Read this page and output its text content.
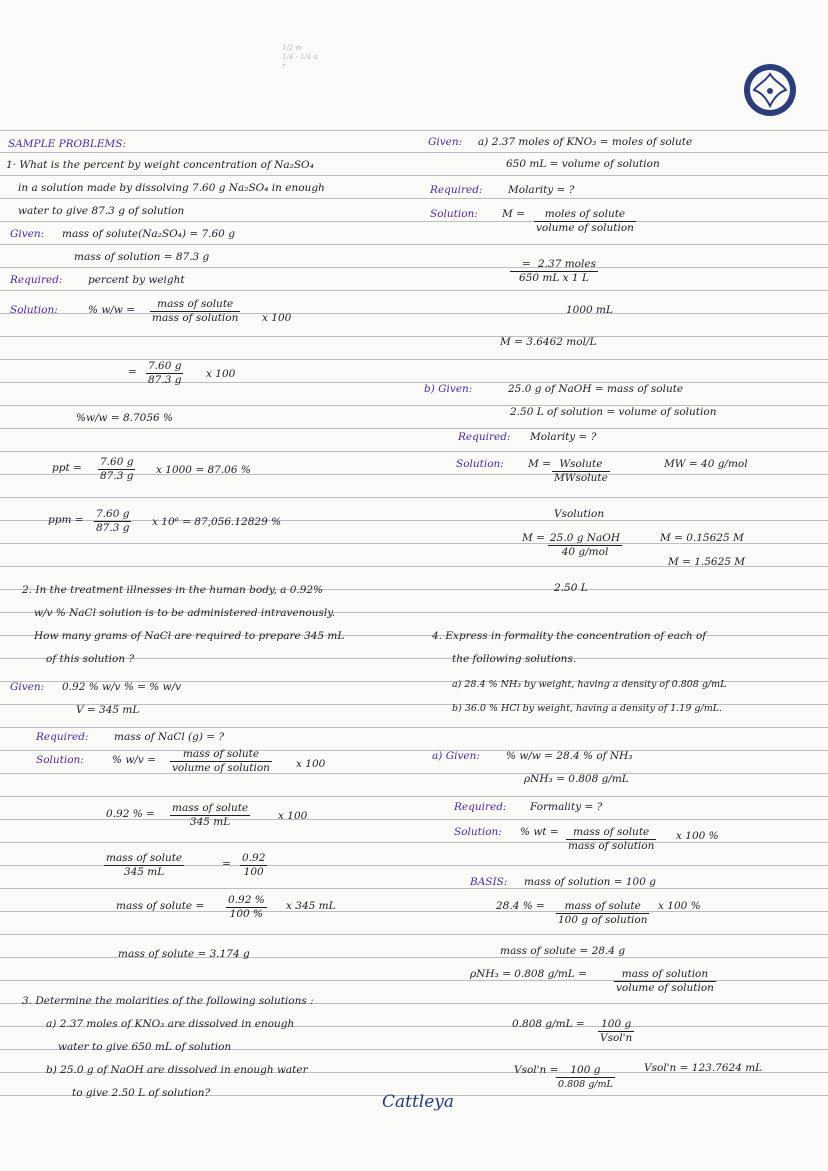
1/2 m
1/4 · 1/4 a
r
SAMPLE PROBLEMS:
1· What is the percent by weight concentration of Na₂SO₄
in a solution made by dissolving 7.60 g Na₂SO₄ in enough
water to give 87.3 g of solution
Given: mass of solute(Na₂SO₄) = 7.60 g
mass of solution = 87.3 g
Required: percent by weight
Solution:	% w/w =	mass of solute
mass of solution x 100
= $\frac{7.60 g}{87.3 g}$ x 100
%w/w = 8.7056 %
ppt = $\frac{7.60 g}{87.3 g}$ x 1000 = 87.06 %
ppm = $\frac{7.60 g}{87.3 g}$ x 10⁶ = 87,056.12829 %
2. In the treatment illnesses in the human body, a 0.92%
w/v % NaCl solution is to be administered intravenously.
How many grams of NaCl are required to prepare 345 mL
of this solution ?
Given: 0.92 % w/v % = % w/v
V = 345 mL
Required: mass of NaCl (g) = ?
Solution:	% w/v =	mass of solute
volume of solution x 100
0.92 % = mass of solute
345 mL	x 100
mass of solute
345 mL
= $\frac{0.92}{100}$
mass of solute = $\frac{0.92 \%}{100 \%}$ x 345 mL
mass of solute = 3.174 g
3. Determine the molarities of the following solutions :
a) 2.37 moles of KNO₃ are dissolved in enough
water to give 650 mL of solution
b) 25.0 g of NaOH are dissolved in enough water
to give 2.50 L of solution?
Given: a) 2.37 moles of KNO₃ = moles of solute
650 mL = volume of solution
Required: Molarity = ?
Solution: M =	moles of solute
volume of solution
= 2.37 moles
650 mL x 1 L
1000 mL
M = 3.6462 mol/L
b) Given:	25.0 g of NaOH = mass of solute
2.50 L of solution = volume of solution
Required: Molarity = ?
Solution: M = Wsolute
MWsolute
Vsolution
MW = 40 g/mol
M = 25.0 g NaOH
40 g/mol
2.50 L
M = 0.15625 M
M = 1.5625 M
4. Express in formality the concentration of each of
the following solutions.
a) 28.4 % NH₃ by weight, having a density of 0.808 g/mL
b) 36.0 % HCl by weight, having a density of 1.19 g/mL.
a) Given: % w/w = 28.4 % of NH₃
ρNH₃ = 0.808 g/mL
Required: Formality = ?
Solution: % wt =	mass of solute
mass of solution
x 100 %
BASIS: mass of solution = 100 g
28.4 % =	mass of solute
100 g of solution
x 100 %
mass of solute = 28.4 g
ρNH₃ = 0.808 g/mL =	mass of solution
volume of solution
0.808 g/mL = 100 g
Vsol'n
Vsol'n =
$\frac{100 g}{0.808 g/mL}$	Vsol'n = 123.7624 mL
Cattleya
